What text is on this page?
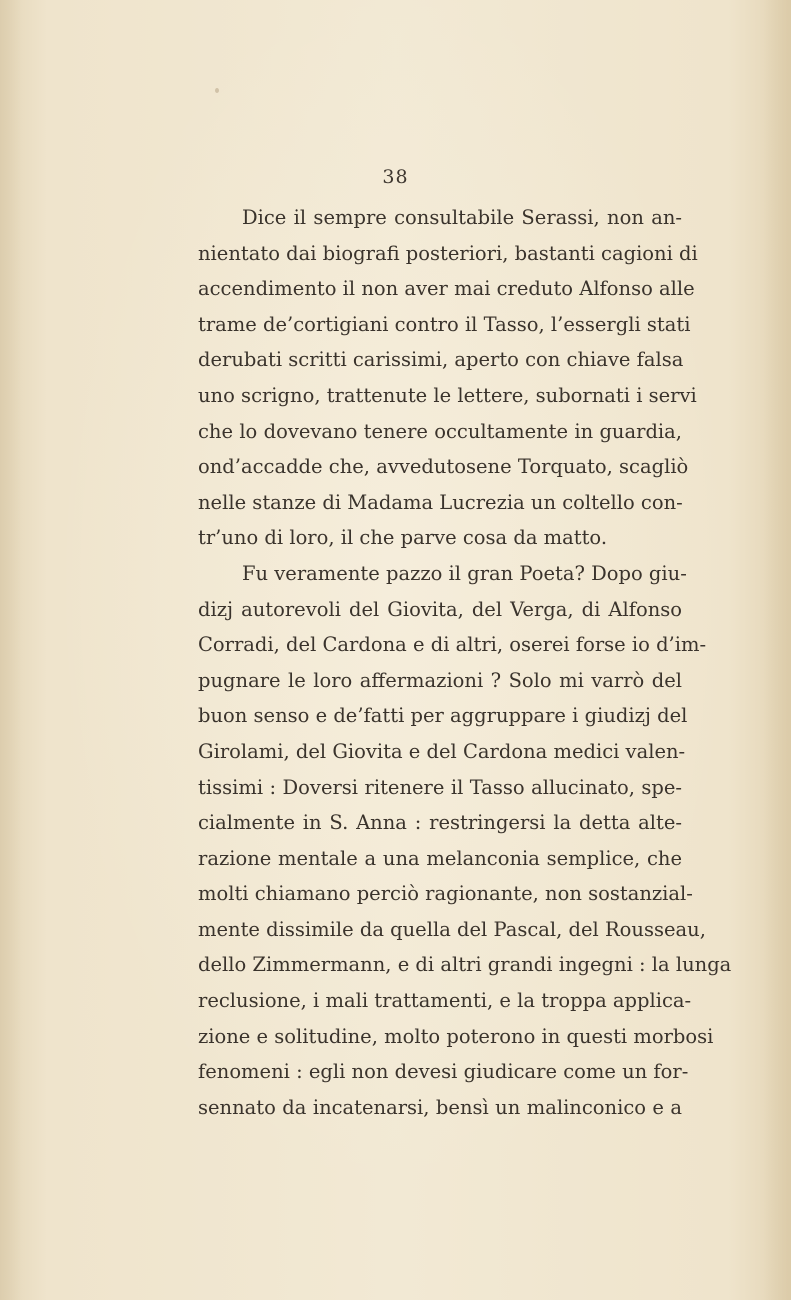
38
Dice il sempre consultabile Serassi, non an-
nientato dai biografi posteriori, bastanti cagioni di
accendimento il non aver mai creduto Alfonso alle
trame de’cortigiani contro il Tasso, l’essergli stati
derubati scritti carissimi, aperto con chiave falsa
uno scrigno, trattenute le lettere, subornati i servi
che lo dovevano tenere occultamente in guardia,
ond’accadde che, avvedutosene Torquato, scagliò
nelle stanze di Madama Lucrezia un coltello con-
tr’uno di loro, il che parve cosa da matto.
Fu veramente pazzo il gran Poeta? Dopo giu-
dizj autorevoli del Giovita, del Verga, di Alfonso
Corradi, del Cardona e di altri, oserei forse io d’im-
pugnare le loro affermazioni ? Solo mi varrò del
buon senso e de’fatti per aggruppare i giudizj del
Girolami, del Giovita e del Cardona medici valen-
tissimi : Doversi ritenere il Tasso allucinato, spe-
cialmente in S. Anna : restringersi la detta alte-
razione mentale a una melanconia semplice, che
molti chiamano perciò ragionante, non sostanzial-
mente dissimile da quella del Pascal, del Rousseau,
dello Zimmermann, e di altri grandi ingegni : la lunga
reclusione, i mali trattamenti, e la troppa applica-
zione e solitudine, molto poterono in questi morbosi
fenomeni : egli non devesi giudicare come un for-
sennato da incatenarsi, bensì un malinconico e a
